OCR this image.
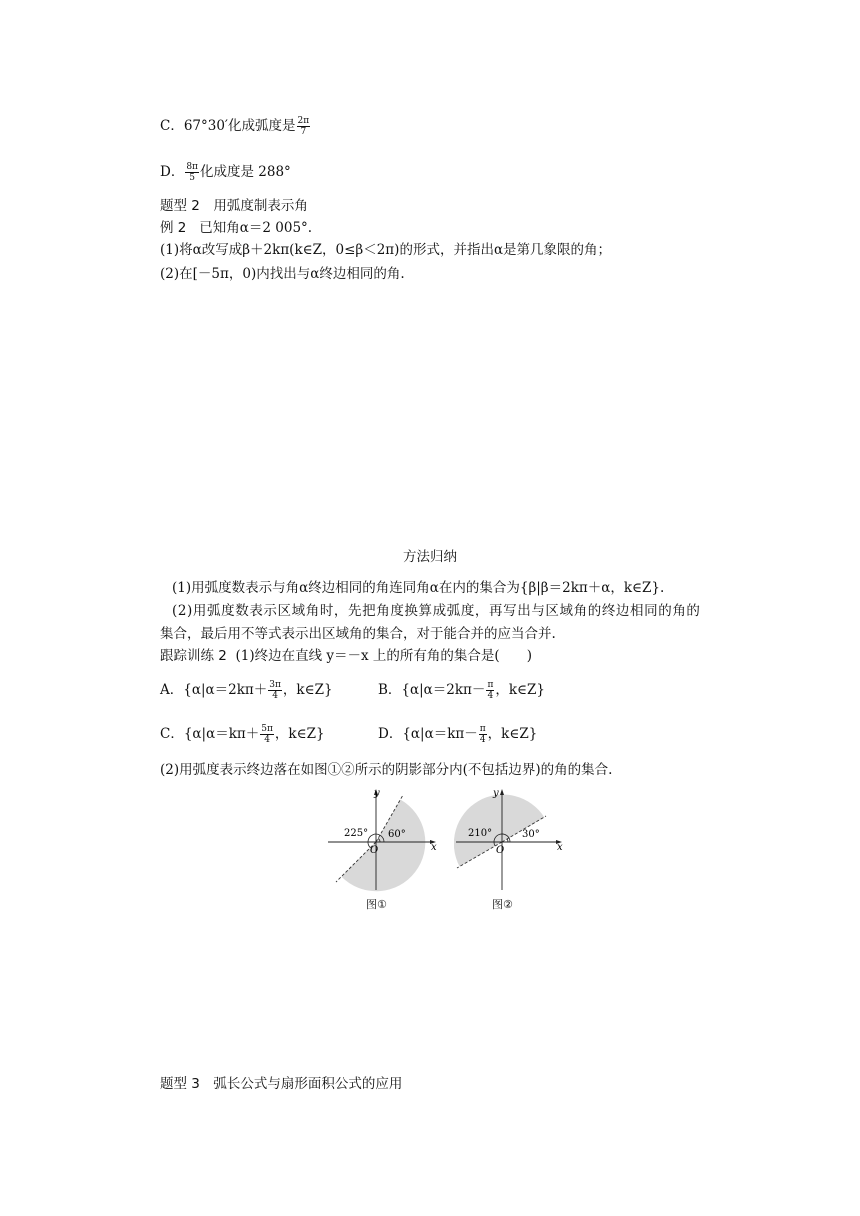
C．67°30′化成弧度是 $\frac{2\pi}{7}$
D． $\frac{8\pi}{5}$ 化成度是 288°
题型 2　用弧度制表示角
例 2 已知角α＝2 005°.
(1)将α改写成β＋2kπ(k∈Z，0≤β＜2π)的形式，并指出α是第几象限的角；
(2)在[－5π，0)内找出与α终边相同的角.
方法归纳
(1)用弧度数表示与角α终边相同的角连同角α在内的集合为{β|β＝2kπ＋α，k∈Z}.
(2)用弧度数表示区域角时，先把角度换算成弧度，再写出与区域角的终边相同的角的
集合，最后用不等式表示出区域角的集合，对于能合并的应当合并.
跟踪训练 2 (1)终边在直线 y＝－x 上的所有角的集合是(　　)
A．{$\alpha|\alpha=2k\pi+ \frac{3\pi}{4}$ ，k∈Z}	B．{$\alpha|\alpha=2k\pi- \frac{\pi}{4}$ ，k∈Z}
C．{$\alpha|\alpha=k\pi+ \frac{5\pi}{4}$ ，k∈Z}	D．{$\alpha|\alpha=k\pi- \frac{\pi}{4}$ ，k∈Z}
(2)用弧度表示终边落在如图①②所示的阴影部分内(不包括边界)的角的集合.
y
x
O
225° 60°
图①
y
x
O
210°	30°
图②
题型 3　弧长公式与扇形面积公式的应用
